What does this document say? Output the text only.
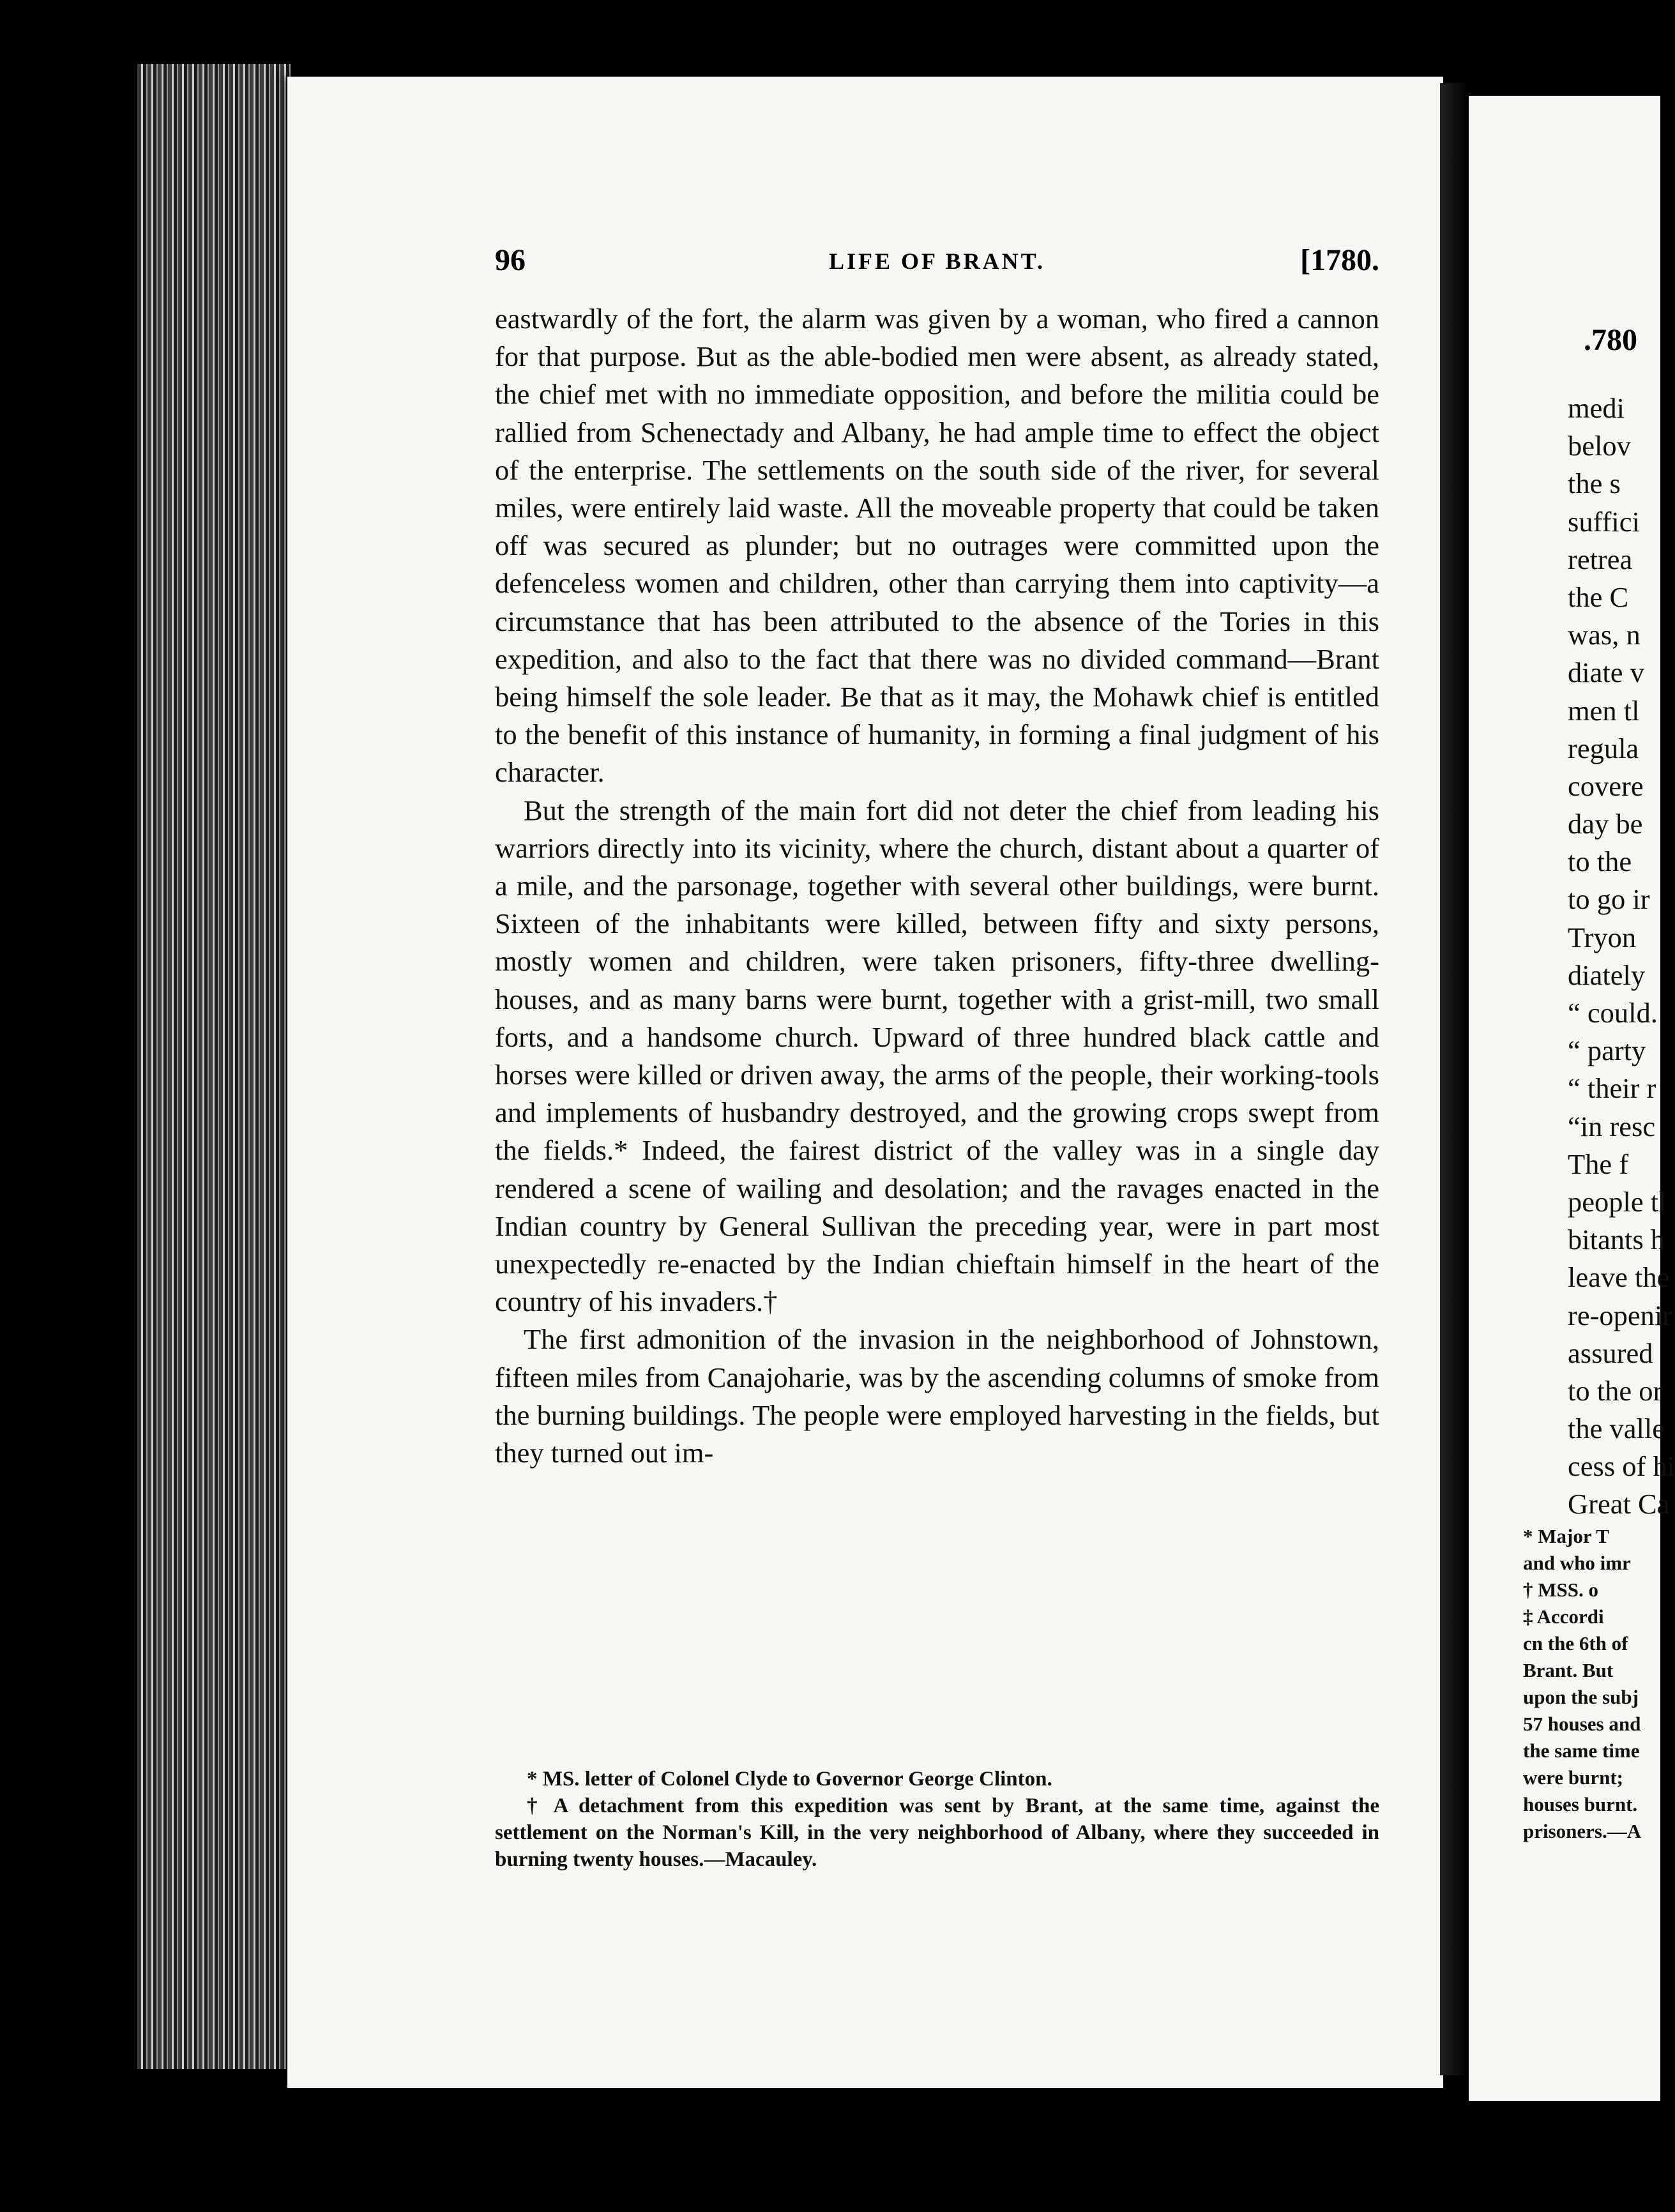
96	LIFE OF BRANT.	[1780.

eastwardly of the fort, the alarm was given by a woman, who fired a cannon for that purpose. But as the able-bodied men were absent, as already stated, the chief met with no immediate opposition, and before the militia could be rallied from Schenectady and Albany, he had ample time to effect the object of the enterprise. The settlements on the south side of the river, for several miles, were entirely laid waste. All the moveable property that could be taken off was secured as plunder; but no outrages were committed upon the defenceless women and children, other than carrying them into captivity—a circumstance that has been attributed to the absence of the Tories in this expedition, and also to the fact that there was no divided command—Brant being himself the sole leader. Be that as it may, the Mohawk chief is entitled to the benefit of this instance of humanity, in forming a final judgment of his character.

But the strength of the main fort did not deter the chief from leading his warriors directly into its vicinity, where the church, distant about a quarter of a mile, and the parsonage, together with several other buildings, were burnt. Sixteen of the inhabitants were killed, between fifty and sixty persons, mostly women and children, were taken prisoners, fifty-three dwelling-houses, and as many barns were burnt, together with a grist-mill, two small forts, and a handsome church. Upward of three hundred black cattle and horses were killed or driven away, the arms of the people, their working-tools and implements of husbandry destroyed, and the growing crops swept from the fields.* Indeed, the fairest district of the valley was in a single day rendered a scene of wailing and desolation; and the ravages enacted in the Indian country by General Sullivan the preceding year, were in part most unexpectedly re-enacted by the Indian chieftain himself in the heart of the country of his invaders.†

The first admonition of the invasion in the neighborhood of Johnstown, fifteen miles from Canajoharie, was by the ascending columns of smoke from the burning buildings. The people were employed harvesting in the fields, but they turned out im-

* MS. letter of Colonel Clyde to Governor George Clinton.

† A detachment from this expedition was sent by Brant, at the same time, against the settlement on the Norman's Kill, in the very neighborhood of Albany, where they succeeded in burning twenty houses.—Macauley.

.780
medi
belov
the s
suffici
retrea
the C
was, n
diate v
men tl
regula
covere
day be
to the
to go ir
Tryon
diately
“ could.
“ party
“ their r
“in resc
The f
people tl
bitants h
leave the
re-openir
assured
to the or
the valle
cess of hi
Great Ca
* Major T
and who imr
† MSS. o
‡ Accordi
cn the 6th of
Brant. But
upon the subj
57 houses and
the same time
were burnt;
houses burnt.
prisoners.—A
